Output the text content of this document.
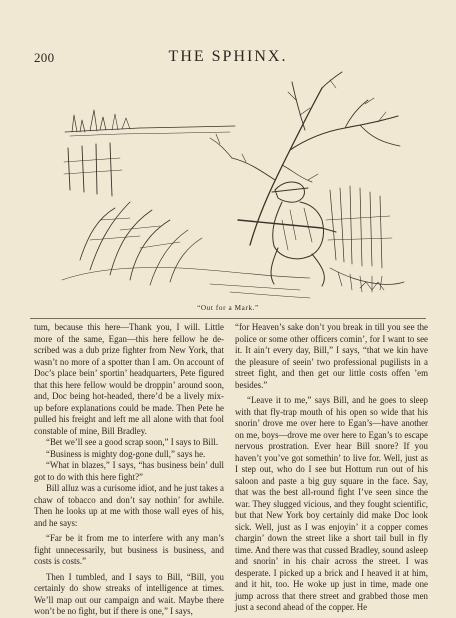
200	THE SPHINX.
“Out for a Mark.”

tum, because this here—Thank you, I will. Little more of the same, Egan—this here fellow he described was a dub prize fighter from New York, that wasn’t no more of a spotter than I am. On account of Doc’s place bein’ sportin’ headquarters, Pete figured that this here fellow would be droppin’ around soon, and, Doc being hot-headed, there’d be a lively mix-up before explanations could be made. Then Pete he pulled his freight and left me all alone with that fool constable of mine, Bill Bradley.

“Bet we’ll see a good scrap soon,” I says to Bill.

“Business is mighty dog-gone dull,” says he.

“What in blazes,” I says, “has business bein’ dull got to do with this here fight?”

Bill alluz was a curisome idiot, and he just takes a chaw of tobacco and don’t say nothin’ for awhile. Then he looks up at me with those wall eyes of his, and he says:

“Far be it from me to interfere with any man’s fight unnecessarily, but business is business, and costs is costs.”

Then I tumbled, and I says to Bill, “Bill, you certainly do show streaks of intelligence at times. We’ll map out our campaign and wait. Maybe there won’t be no fight, but if there is one,” I says,

“for Heaven’s sake don’t you break in till you see the police or some other officers comin’, for I want to see it. It ain’t every day, Bill,” I says, “that we kin have the pleasure of seein’ two professional pugilists in a street fight, and then get our little costs offen ’em besides.”

“Leave it to me,” says Bill, and he goes to sleep with that fly-trap mouth of his open so wide that his snorin’ drove me over here to Egan’s—have another on me, boys—drove me over here to Egan’s to escape nervous prostration. Ever hear Bill snore? If you haven’t you’ve got somethin’ to live for. Well, just as I step out, who do I see but Hottum run out of his saloon and paste a big guy square in the face. Say, that was the best all-round fight I’ve seen since the war. They slugged vicious, and they fought scientific, but that New York boy certainly did make Doc look sick. Well, just as I was enjoyin’ it a copper comes chargin’ down the street like a short tail bull in fly time. And there was that cussed Bradley, sound asleep and snorin’ in his chair across the street. I was desperate. I picked up a brick and I heaved it at him, and it hit, too. He woke up just in time, made one jump across that there street and grabbed those men just a second ahead of the copper. He
